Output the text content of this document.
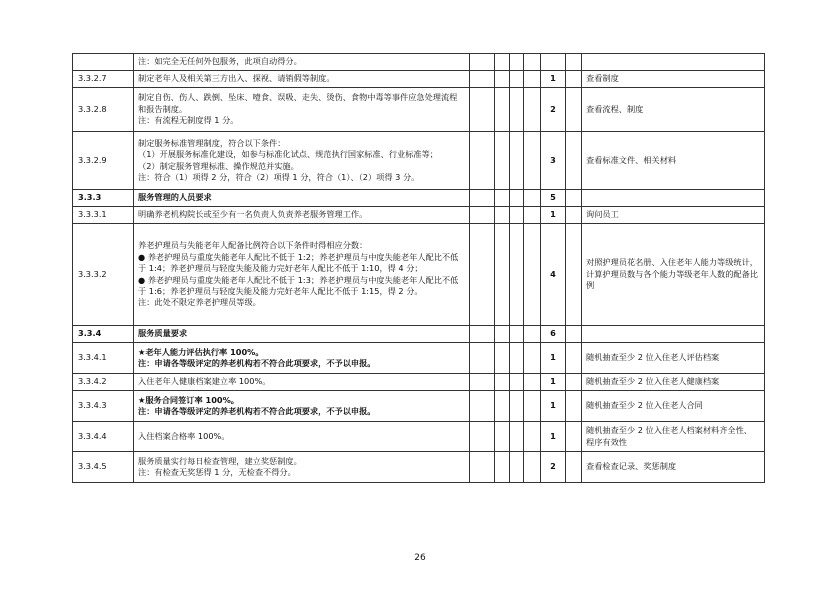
	注：如完全无任何外包服务，此项自动得分。							

3.3.2.7	制定老年人及相关第三方出入、探视、请销假等制度。					1		查看制度
3.3.2.8	制定自伤、伤人、跌倒、坠床、噎食、误吸、走失、烫伤、食物中毒等事件应急处理流程和报告制度。
注：有流程无制度得 1 分。					2		查看流程、制度
3.3.2.9	制定服务标准管理制度，符合以下条件：
（1）开展服务标准化建设，如参与标准化试点、规范执行国家标准、行业标准等；
（2）制定服务管理标准、操作规范并实施。
注：符合（1）项得 2 分，符合（2）项得 1 分，符合（1）、（2）项得 3 分。					3		查看标准文件、相关材料
3.3.3	服务管理的人员要求					5		
3.3.3.1	明确养老机构院长或至少有一名负责人负责养老服务管理工作。					1		询问员工
3.3.3.2	养老护理员与失能老年人配备比例符合以下条件时得相应分数：
● 养老护理员与重度失能老年人配比不低于 1:2；养老护理员与中度失能老年人配比不低于 1:4；养老护理员与轻度失能及能力完好老年人配比不低于 1:10，得 4 分；
● 养老护理员与重度失能老年人配比不低于 1:3；养老护理员与中度失能老年人配比不低于 1:6；养老护理员与轻度失能及能力完好老年人配比不低于 1:15，得 2 分。
注：此处不限定养老护理员等级。					4		对照护理员花名册、入住老年人能力等级统计，计算护理员数与各个能力等级老年人数的配备比例
3.3.4	服务质量要求					6		
3.3.4.1	★老年人能力评估执行率 100%。
注：申请各等级评定的养老机构若不符合此项要求，不予以申报。					1		随机抽查至少 2 位入住老人评估档案
3.3.4.2	入住老年人健康档案建立率 100%。					1		随机抽查至少 2 位入住老人健康档案
3.3.4.3	★服务合同签订率 100%。
注：申请各等级评定的养老机构若不符合此项要求，不予以申报。					1		随机抽查至少 2 位入住老人合同
3.3.4.4	入住档案合格率 100%。					1		随机抽查至少 2 位入住老人档案材料齐全性、程序有效性
3.3.4.5	服务质量实行每日检查管理，建立奖惩制度。
注：有检查无奖惩得 1 分，无检查不得分。					2		查看检查记录、奖惩制度
26
